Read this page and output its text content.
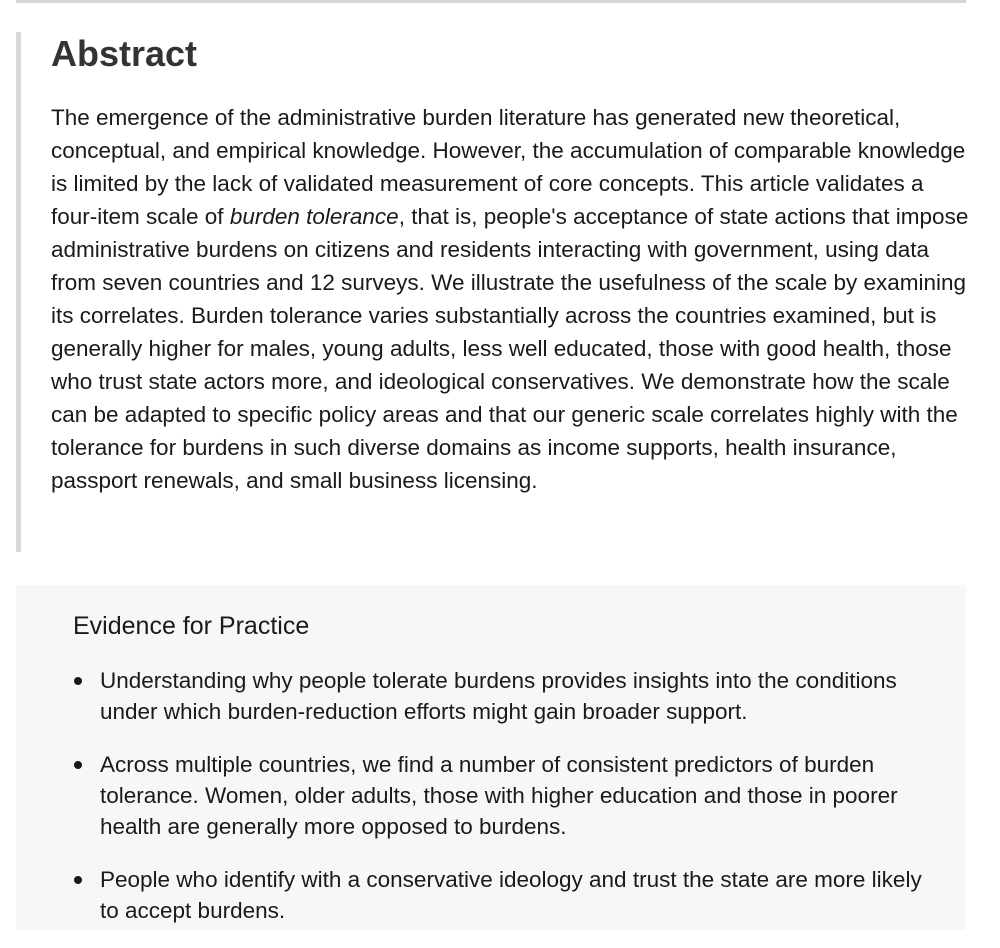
Abstract

The emergence of the administrative burden literature has generated new theoretical, conceptual, and empirical knowledge. However, the accumulation of comparable knowledge is limited by the lack of validated measurement of core concepts. This article validates a four-item scale of burden tolerance, that is, people's acceptance of state actions that impose administrative burdens on citizens and residents interacting with government, using data from seven countries and 12 surveys. We illustrate the usefulness of the scale by examining its correlates. Burden tolerance varies substantially across the countries examined, but is generally higher for males, young adults, less well educated, those with good health, those who trust state actors more, and ideological conservatives. We demonstrate how the scale can be adapted to specific policy areas and that our generic scale correlates highly with the tolerance for burdens in such diverse domains as income supports, health insurance, passport renewals, and small business licensing.

Evidence for Practice
Understanding why people tolerate burdens provides insights into the conditions under which burden-reduction efforts might gain broader support.
Across multiple countries, we find a number of consistent predictors of burden tolerance. Women, older adults, those with higher education and those in poorer health are generally more opposed to burdens.
People who identify with a conservative ideology and trust the state are more likely to accept burdens.
